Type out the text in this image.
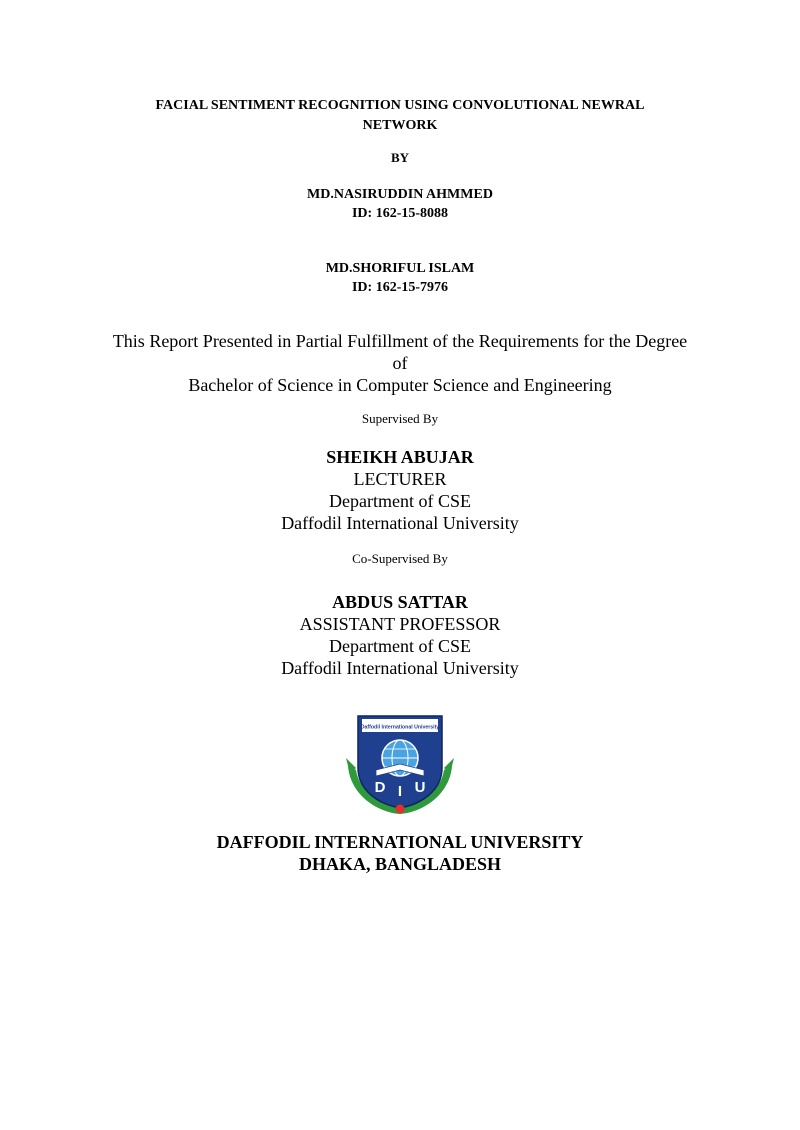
FACIAL SENTIMENT RECOGNITION USING CONVOLUTIONAL NEWRAL
NETWORK
BY
MD.NASIRUDDIN AHMMED
ID: 162-15-8088
MD.SHORIFUL ISLAM
ID: 162-15-7976
This Report Presented in Partial Fulfillment of the Requirements for the Degree
of
Bachelor of Science in Computer Science and Engineering
Supervised By
SHEIKH ABUJAR
LECTURER
Department of CSE
Daffodil International University
Co-Supervised By
ABDUS SATTAR
ASSISTANT PROFESSOR
Department of CSE
Daffodil International University
Daffodil International University
D I U
DAFFODIL INTERNATIONAL UNIVERSITY
DHAKA, BANGLADESH
